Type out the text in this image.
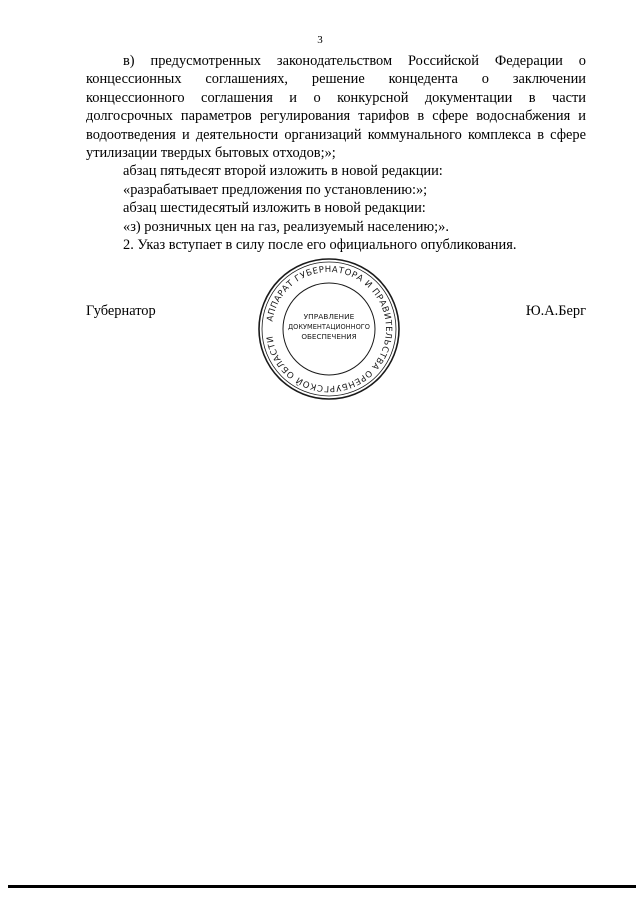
3

в) предусмотренных законодательством Российской Федерации о концессионных соглашениях, решение концедента о заключении концессионного соглашения и о конкурсной документации в части долгосрочных параметров регулирования тарифов в сфере водоснабжения и водоотведения и деятельности организаций коммунального комплекса в сфере утилизации твердых бытовых отходов;»;

абзац пятьдесят второй изложить в новой редакции:

«разрабатывает предложения по установлению:»;

абзац шестидесятый изложить в новой редакции:

«з) розничных цен на газ, реализуемый населению;».

2. Указ вступает в силу после его официального опубликования.

Губернатор	Ю.А.Берг
АППАРАТ ГУБЕРНАТОРА И ПРАВИТЕЛЬСТВА ОРЕНБУРГСКОЙ ОБЛАСТИ
УПРАВЛЕНИЕ
ДОКУМЕНТАЦИОННОГО
ОБЕСПЕЧЕНИЯ
